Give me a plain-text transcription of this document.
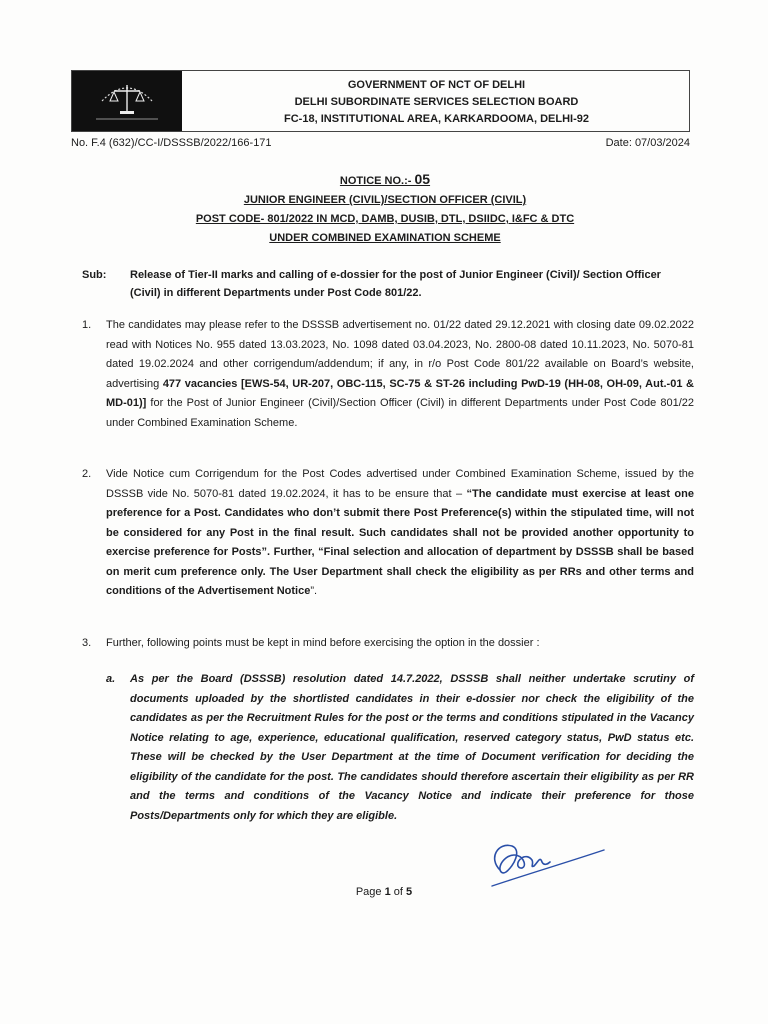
GOVERNMENT OF NCT OF DELHI
DELHI SUBORDINATE SERVICES SELECTION BOARD
FC-18, INSTITUTIONAL AREA, KARKARDOOMA, DELHI-92
No. F.4 (632)/CC-I/DSSSB/2022/166-171	Date: 07/03/2024
NOTICE NO.:- 05
JUNIOR ENGINEER (CIVIL)/SECTION OFFICER (CIVIL)
POST CODE- 801/2022 IN MCD, DAMB, DUSIB, DTL, DSIIDC, I&FC & DTC
UNDER COMBINED EXAMINATION SCHEME
Sub: Release of Tier-II marks and calling of e-dossier for the post of Junior Engineer (Civil)/ Section Officer (Civil) in different Departments under Post Code 801/22.
1. The candidates may please refer to the DSSSB advertisement no. 01/22 dated 29.12.2021 with closing date 09.02.2022 read with Notices No. 955 dated 13.03.2023, No. 1098 dated 03.04.2023, No. 2800-08 dated 10.11.2023, No. 5070-81 dated 19.02.2024 and other corrigendum/addendum; if any, in r/o Post Code 801/22 available on Board’s website, advertising 477 vacancies [EWS-54, UR-207, OBC-115, SC-75 & ST-26 including PwD-19 (HH-08, OH-09, Aut.-01 & MD-01)] for the Post of Junior Engineer (Civil)/Section Officer (Civil) in different Departments under Post Code 801/22 under Combined Examination Scheme.
2. Vide Notice cum Corrigendum for the Post Codes advertised under Combined Examination Scheme, issued by the DSSSB vide No. 5070-81 dated 19.02.2024, it has to be ensure that – “The candidate must exercise at least one preference for a Post. Candidates who don’t submit there Post Preference(s) within the stipulated time, will not be considered for any Post in the final result. Such candidates shall not be provided another opportunity to exercise preference for Posts”. Further, “Final selection and allocation of department by DSSSB shall be based on merit cum preference only. The User Department shall check the eligibility as per RRs and other terms and conditions of the Advertisement Notice”.
3. Further, following points must be kept in mind before exercising the option in the dossier :
a. As per the Board (DSSSB) resolution dated 14.7.2022, DSSSB shall neither undertake scrutiny of documents uploaded by the shortlisted candidates in their e-dossier nor check the eligibility of the candidates as per the Recruitment Rules for the post or the terms and conditions stipulated in the Vacancy Notice relating to age, experience, educational qualification, reserved category status, PwD status etc. These will be checked by the User Department at the time of Document verification for deciding the eligibility of the candidate for the post. The candidates should therefore ascertain their eligibility as per RR and the terms and conditions of the Vacancy Notice and indicate their preference for those Posts/Departments only for which they are eligible.
Page 1 of 5
